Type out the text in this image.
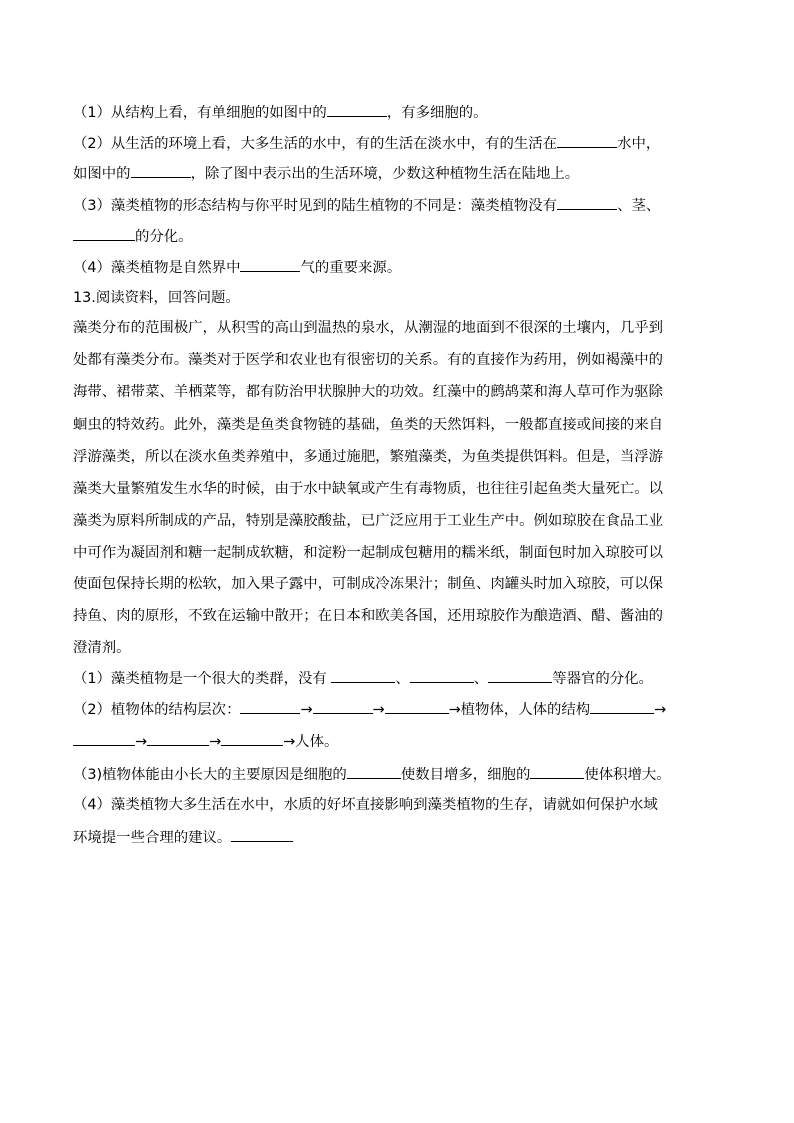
（1）从结构上看，有单细胞的如图中的	，有多细胞的。
（2）从生活的环境上看，大多生活的水中，有的生活在淡水中，有的生活在	水中，
如图中的	，除了图中表示出的生活环境，少数这种植物生活在陆地上。
（3）藻类植物的形态结构与你平时见到的陆生植物的不同是：藻类植物没有	、茎、
的分化。
（4）藻类植物是自然界中	气的重要来源。
13.阅读资料，回答问题。
藻类分布的范围极广，从积雪的高山到温热的泉水，从潮湿的地面到不很深的土壤内，几乎到
处都有藻类分布。藻类对于医学和农业也有很密切的关系。有的直接作为药用，例如褐藻中的
海带、裙带菜、羊栖菜等，都有防治甲状腺肿大的功效。红藻中的鹧鸪菜和海人草可作为驱除
蛔虫的特效药。此外，藻类是鱼类食物链的基础，鱼类的天然饵料，一般都直接或间接的来自
浮游藻类，所以在淡水鱼类养殖中，多通过施肥，繁殖藻类，为鱼类提供饵料。但是，当浮游
藻类大量繁殖发生水华的时候，由于水中缺氧或产生有毒物质，也往往引起鱼类大量死亡。以
藻类为原料所制成的产品，特别是藻胶酸盐，已广泛应用于工业生产中。例如琼胶在食品工业
中可作为凝固剂和糖一起制成软糖，和淀粉一起制成包糖用的糯米纸，制面包时加入琼胶可以
使面包保持长期的松软，加入果子露中，可制成冷冻果汁；制鱼、肉罐头时加入琼胶，可以保
持鱼、肉的原形，不致在运输中散开；在日本和欧美各国，还用琼胶作为酿造酒、醋、酱油的
澄清剂。
（1）藻类植物是一个很大的类群，没有	、	、	等器官的分化。
（2）植物体的结构层次：	→	→	→植物体，人体的结构	→
→	→	→人体。
（3)植物体能由小长大的主要原因是细胞的	使数目增多，细胞的	使体积增大。
（4）藻类植物大多生活在水中，水质的好坏直接影响到藻类植物的生存，请就如何保护水域
环境提一些合理的建议。
